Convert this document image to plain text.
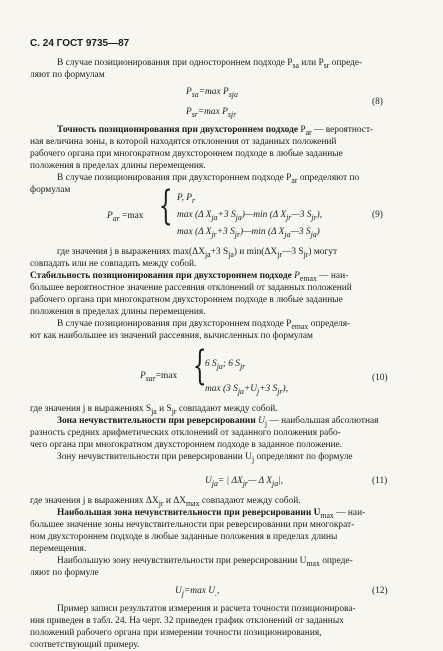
С. 24 ГОСТ 9735—87
В случае позиционирования при одностороннем подходе $P_{sa}$ или $P_{sr}$ опреде-
ляют по формулам
$P_{sa}=\max$ $P_{sja}$
(8)
$P_{sr}=\max$ $P_{sjr}$
Точность позиционирования при двухстороннем подходе $P_{ar}$ — вероятност-
ная величина зоны, в которой находятся отклонения от заданных положений
рабочего органа при многократном двухстороннем подходе в любые заданные
положения в пределах длины перемещения.
В случае позиционирования при двухстороннем подходе $P_{ar}$ определяют по
формулам
$P_{ar} =\max$ { P, $P_r$
max (Δ $X_{ja}+3$ $S_{ja})—\min$ (Δ $X_{jr}—3$ $S_{jr}$),	(9)
max (Δ $X_{jr}+3$ $S_{jr})—\min$ (Δ $X_{ja}—3$ $S_{ja}$)
где значения j в выражениях $\max(\Delta X_{ja}+3$ $S_{ja}$) и $\min(\Delta X_{jr}—3$ $S_{jr}$) могут
совпадать или не совпадать между собой.
Стабильность позиционирования при двухстороннем подходе $P_{emax}$ — наи-
большее вероятностное значение рассеяния отклонений от заданных положений
рабочего органа при многократном двухстороннем подходе в любые заданные
положения в пределах длины перемещения.
В случае позиционирования при двухстороннем подходе $P_{emax}$ определя-
ют как наибольшее из значений рассеяния, вычисленных по формулам
$P_{sar}=\max$ {
6 $S_{ja}$; 6 $S_{jr}$
(10)
max (3 $S_{ja}+U_j+3$ $S_{jr}$),
где значения j в выражениях $S_{ja}$ и $S_{jr}$ совпадают между собой.
Зона нечувствительности при реверсировании $U_j$ — наибольшая абсолютная
разность средних арифметических отклонений от заданного положения рабо-
чего органа при многократном двухстороннем подходе в заданное положение.
Зону нечувствительности при реверсировании $U_j$ определяют по формуле
$U_{ja}=$ | $\Delta X_{jr}—$ Δ $X_{ja}|$,	(11)
где значения j в выражениях $\Delta X_{jr}$ и $\Delta X_{max}$ совпадают между собой.
Наибольшая зона нечувствительности при реверсировании $U_{max}$ — наи-
большее значение зоны нечувствительности при реверсировании при многократ-
ном двухстороннем подходе в любые заданные положения в пределах длины
перемещения.
Наибольшую зону нечувствительности при реверсировании $U_{max}$ опреде-
ляют по формуле
$U_j=\max$ $U_.$,	(12)
Пример записи результатов измерения и расчета точности позиционирова-
ния приведен в табл. 24. На черт. 32 приведен график отклонений от заданных
положений рабочего органа при измерении точности позиционирования,
соответствующий примеру.
